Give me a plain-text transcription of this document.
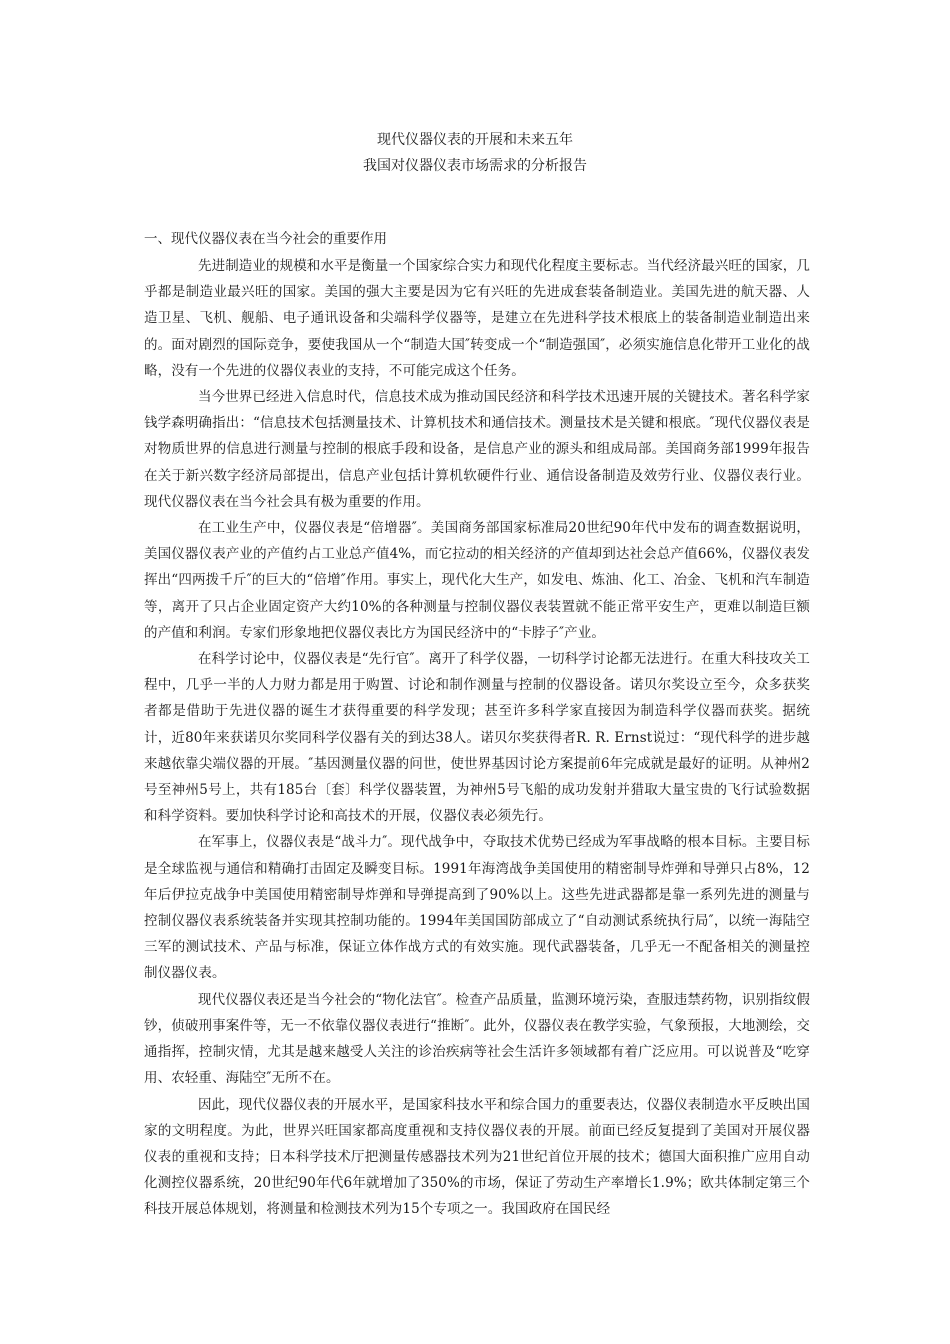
现代仪器仪表的开展和未来五年

我国对仪器仪表市场需求的分析报告

一、现代仪器仪表在当今社会的重要作用

先进制造业的规模和水平是衡量一个国家综合实力和现代化程度主要标志。当代经济最兴旺的国家，几乎都是制造业最兴旺的国家。美国的强大主要是因为它有兴旺的先进成套装备制造业。美国先进的航天器、人造卫星、飞机、舰船、电子通讯设备和尖端科学仪器等，是建立在先进科学技术根底上的装备制造业制造出来的。面对剧烈的国际竞争，要使我国从一个“制造大国″转变成一个“制造强国″，必须实施信息化带开工业化的战略，没有一个先进的仪器仪表业的支持，不可能完成这个任务。

当今世界已经进入信息时代，信息技术成为推动国民经济和科学技术迅速开展的关键技术。著名科学家钱学森明确指出：“信息技术包括测量技术、计算机技术和通信技术。测量技术是关键和根底。″现代仪器仪表是对物质世界的信息进行测量与控制的根底手段和设备，是信息产业的源头和组成局部。美国商务部1999年报告在关于新兴数字经济局部提出，信息产业包括计算机软硬件行业、通信设备制造及效劳行业、仪器仪表行业。现代仪器仪表在当今社会具有极为重要的作用。

在工业生产中，仪器仪表是“倍增器″。美国商务部国家标准局20世纪90年代中发布的调查数据说明，美国仪器仪表产业的产值约占工业总产值4%，而它拉动的相关经济的产值却到达社会总产值66%，仪器仪表发挥出“四两拨千斤″的巨大的“倍增″作用。事实上，现代化大生产，如发电、炼油、化工、冶金、飞机和汽车制造等，离开了只占企业固定资产大约10%的各种测量与控制仪器仪表装置就不能正常平安生产，更难以制造巨额的产值和利润。专家们形象地把仪器仪表比方为国民经济中的“卡脖子″产业。

在科学讨论中，仪器仪表是“先行官″。离开了科学仪器，一切科学讨论都无法进行。在重大科技攻关工程中，几乎一半的人力财力都是用于购置、讨论和制作测量与控制的仪器设备。诺贝尔奖设立至今，众多获奖者都是借助于先进仪器的诞生才获得重要的科学发现；甚至许多科学家直接因为制造科学仪器而获奖。据统计，近80年来获诺贝尔奖同科学仪器有关的到达38人。诺贝尔奖获得者R. R. Ernst说过：“现代科学的进步越来越依靠尖端仪器的开展。″基因测量仪器的问世，使世界基因讨论方案提前6年完成就是最好的证明。从神州2号至神州5号上，共有185台〔套〕科学仪器装置，为神州5号飞船的成功发射并猎取大量宝贵的飞行试验数据和科学资料。要加快科学讨论和高技术的开展，仪器仪表必须先行。

在军事上，仪器仪表是“战斗力″。现代战争中，夺取技术优势已经成为军事战略的根本目标。主要目标是全球监视与通信和精确打击固定及瞬变目标。1991年海湾战争美国使用的精密制导炸弹和导弹只占8%，12年后伊拉克战争中美国使用精密制导炸弹和导弹提高到了90%以上。这些先进武器都是靠一系列先进的测量与控制仪器仪表系统装备并实现其控制功能的。1994年美国国防部成立了“自动测试系统执行局″，以统一海陆空三军的测试技术、产品与标准，保证立体作战方式的有效实施。现代武器装备，几乎无一不配备相关的测量控制仪器仪表。

现代仪器仪表还是当今社会的“物化法官″。检查产品质量，监测环境污染，查服违禁药物，识别指纹假钞，侦破刑事案件等，无一不依靠仪器仪表进行“推断″。此外，仪器仪表在教学实验，气象预报，大地测绘，交通指挥，控制灾情，尤其是越来越受人关注的诊治疾病等社会生活许多领域都有着广泛应用。可以说普及“吃穿用、农轻重、海陆空″无所不在。

因此，现代仪器仪表的开展水平，是国家科技水平和综合国力的重要表达，仪器仪表制造水平反映出国家的文明程度。为此，世界兴旺国家都高度重视和支持仪器仪表的开展。前面已经反复提到了美国对开展仪器仪表的重视和支持；日本科学技术厅把测量传感器技术列为21世纪首位开展的技术；德国大面积推广应用自动化测控仪器系统，20世纪90年代6年就增加了350%的市场，保证了劳动生产率增长1.9%；欧共体制定第三个科技开展总体规划，将测量和检测技术列为15个专项之一。我国政府在国民经
